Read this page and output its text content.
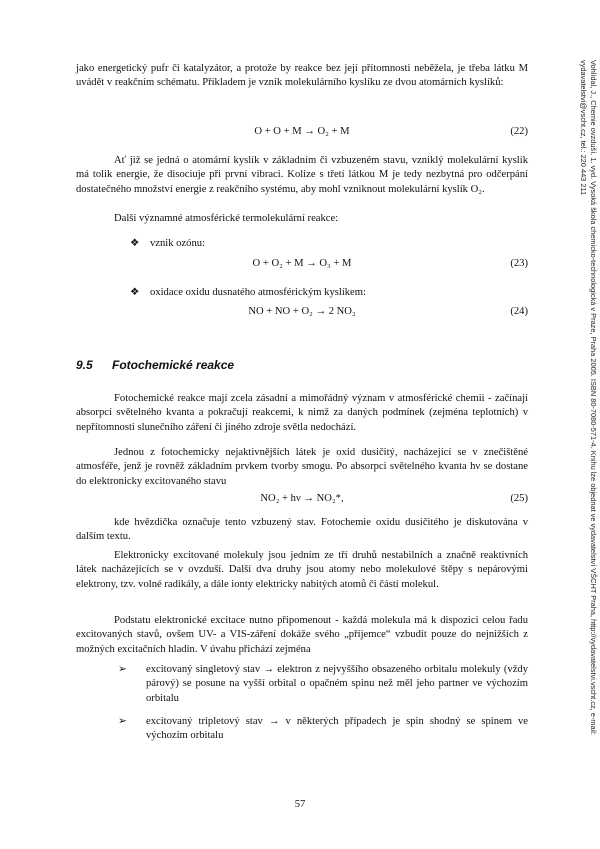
jako energetický pufr či katalyzátor, a protože by reakce bez její přítomnosti neběžela, je třeba látku M uvádět v reakčním schématu. Příkladem je vznik molekulárního kyslíku ze dvou atomárních kyslíků:

O + O + M → O₂ + M	(22)

Ať již se jedná o atomární kyslík v základním či vzbuzeném stavu, vzniklý molekulární kyslík má tolik energie, že disociuje při první vibraci. Kolize s třetí látkou M je tedy nezbytná pro odčerpání dostatečného množství energie z reakčního systému, aby mohl vzniknout molekulární kyslík O₂.

Další významné atmosférické termolekulární reakce:

❖ vznik ozónu:
O + O₂ + M → O₃ + M	(23)
❖ oxidace oxidu dusnatého atmosférickým kyslíkem:
NO + NO + O₂ → 2 NO₂	(24)
9.5 Fotochemické reakce

Fotochemické reakce mají zcela zásadní a mimořádný význam v atmosférické chemii - začínají absorpcí světelného kvanta a pokračují reakcemi, k nimž za daných podmínek (zejména teplotních) v nepřítomnosti slunečního záření či jiného zdroje světla nedochází.

Jednou z fotochemicky nejaktivnějších látek je oxid dusičitý, nacházející se v znečištěné atmosféře, jenž je rovněž základním prvkem tvorby smogu. Po absorpci světelného kvanta hν se dostane do elektronicky excitovaného stavu

NO₂ + hν → NO₂*,	(25)

kde hvězdička označuje tento vzbuzený stav. Fotochemie oxidu dusičitého je diskutována v dalším textu.

Elektronicky excitované molekuly jsou jedním ze tří druhů nestabilních a značně reaktivních látek nacházejících se v ovzduší. Další dva druhy jsou atomy nebo molekulové štěpy s nepárovými elektrony, tzv. volné radikály, a dále ionty elektricky nabitých atomů či částí molekul.

Podstatu elektronické excitace nutno připomenout - každá molekula má k dispozici celou řadu excitovaných stavů, ovšem UV- a VIS-záření dokáže svého „příjemce“ vzbudit pouze do nejnižších z možných excitačních hladin. V úvahu přichází zejména

➢ excitovaný singletový stav → elektron z nejvyššího obsazeného orbitalu molekuly (vždy párový) se posune na vyšší orbital o opačném spinu než měl jeho partner ve výchozím orbitalu

➢ excitovaný tripletový stav → v některých případech je spin shodný se spinem ve výchozím orbitalu

57
Vohlídal, J., Chemie ovzduší. 1. vyd. Vysoká škola chemicko-technologická v Praze, Praha 2005. ISBN 80-7080-571-4. Knihu lze objednat ve vydavatelství VŠCHT Praha, http://vydavatelstvi.vscht.cz, e-mail: vydavatelstvi@vscht.cz, tel.: 220 443 211
